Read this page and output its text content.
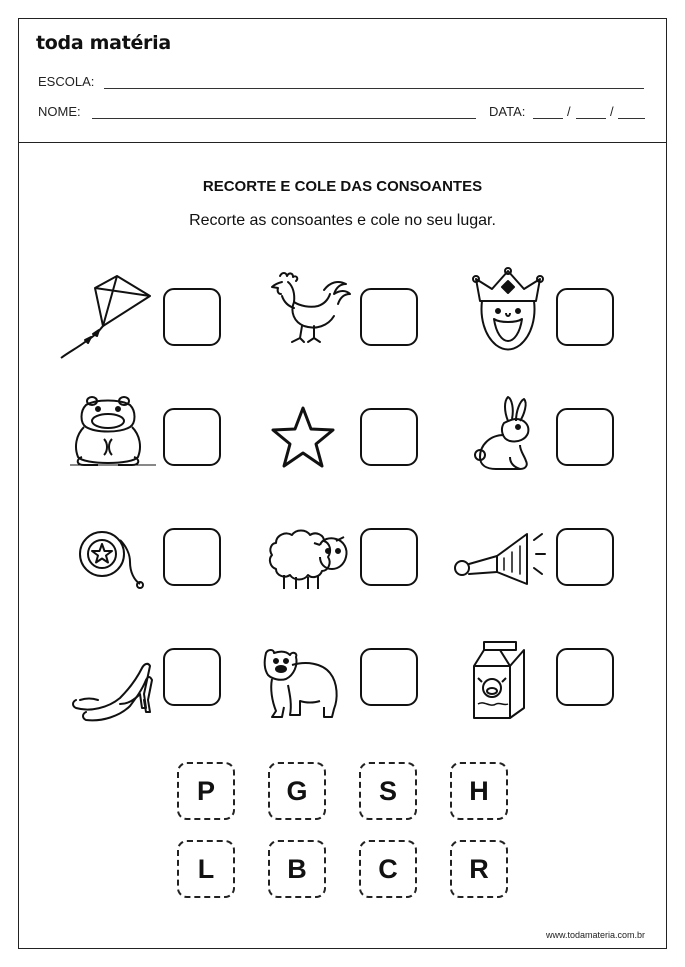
toda matéria
ESCOLA:
NOME:	DATA:	/	/
RECORTE E COLE DAS CONSOANTES
Recorte as consoantes e cole no seu lugar.
P	G	S	H
L	B	C	R
www.todamateria.com.br
